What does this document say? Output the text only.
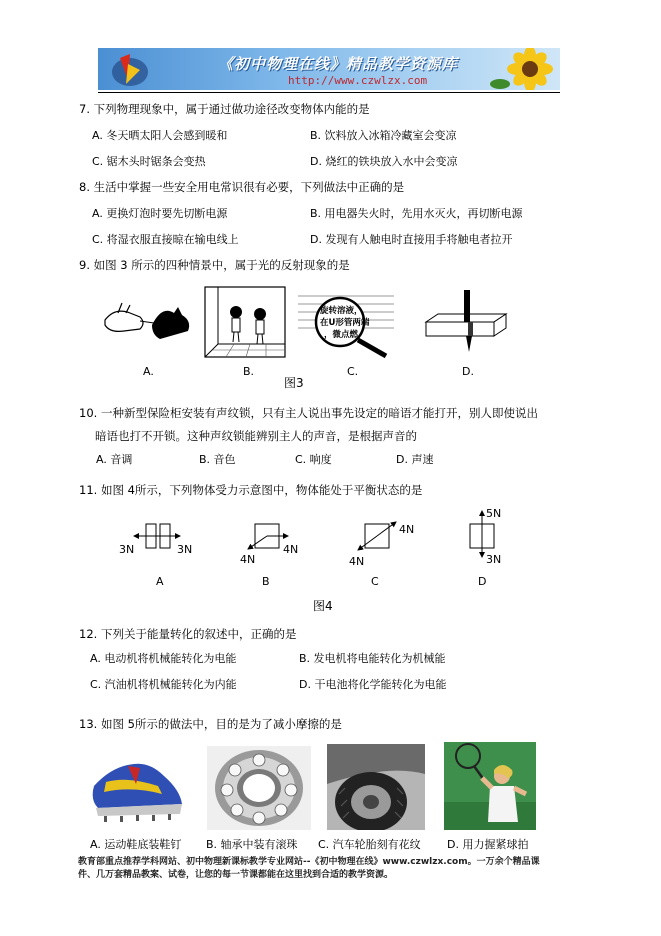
《初中物理在线》精品教学资源库
http://www.czwlzx.com
7. 下列物理现象中，属于通过做功途径改变物体内能的是
A. 冬天晒太阳人会感到暖和	B. 饮料放入冰箱冷藏室会变凉
C. 锯木头时锯条会变热	D. 烧红的铁块放入水中会变凉
8. 生活中掌握一些安全用电常识很有必要，下列做法中正确的是
A. 更换灯泡时要先切断电源	B. 用电器失火时，先用水灭火，再切断电源
C. 将湿衣服直接晾在输电线上	D. 发现有人触电时直接用手将触电者拉开
9. 如图 3 所示的四种情景中，属于光的反射现象的是
A.	B.
旋转溶液，
在U形管两端
，微点燃
C.	D.
图3
10. 一种新型保险柜安装有声纹锁，只有主人说出事先设定的暗语才能打开，别人即使说出
暗语也打不开锁。这种声纹锁能辨别主人的声音，是根据声音的
A. 音调	B. 音色	C. 响度	D. 声速
11. 如图 4所示，下列物体受力示意图中，物体能处于平衡状态的是
3N	3N
4N
4N
4N
4N
5N
3N
A	B	C	D
图4
12. 下列关于能量转化的叙述中，正确的是
A. 电动机将机械能转化为电能	B. 发电机将电能转化为机械能
C. 汽油机将机械能转化为内能	D. 干电池将化学能转化为电能
13. 如图 5所示的做法中，目的是为了减小摩擦的是
A. 运动鞋底装鞋钉 B. 轴承中装有滚珠 C. 汽车轮胎刻有花纹 D. 用力握紧球拍
教育部重点推荐学科网站、初中物理新课标教学专业网站--《初中物理在线》www.czwlzx.com。一万余个精品课
件、几万套精品教案、试卷，让您的每一节课都能在这里找到合适的教学资源。
